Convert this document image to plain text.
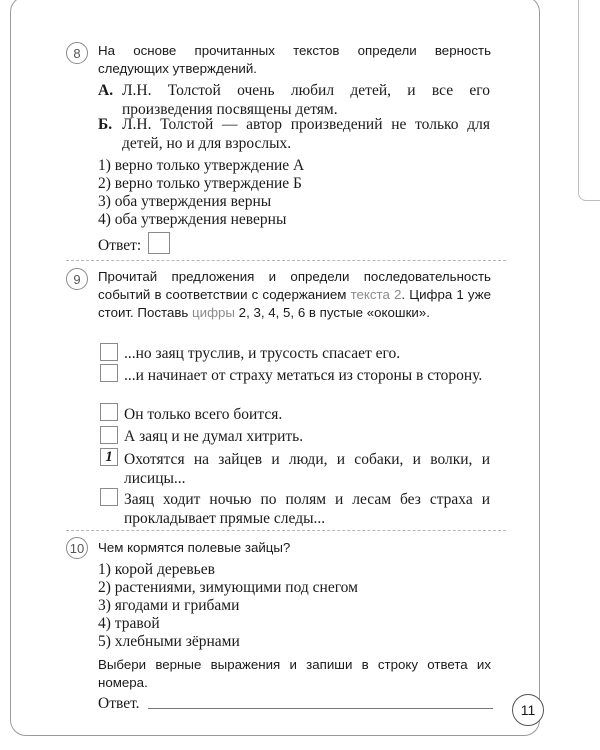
8	На основе прочитанных текстов определи верность следующих утверждений.
А. Л.Н. Толстой очень любил детей, и все его произведения посвящены детям.
Б. Л.Н. Толстой — автор произведений не только для детей, но и для взрослых.
1) верно только утверждение А
2) верно только утверждение Б
3) оба утверждения верны
4) оба утверждения неверны
Ответ:
9	Прочитай предложения и определи последовательность событий в соответствии с содержанием текста 2. Цифра 1 уже стоит. Поставь цифры 2, 3, 4, 5, 6 в пустые «окошки».
...но заяц труслив, и трусость спасает его.
...и начинает от страху метаться из стороны в сторону.
Он только всего боится.
А заяц и не думал хитрить.
1 Охотятся на зайцев и люди, и собаки, и волки, и лисицы...
Заяц ходит ночью по полям и лесам без страха и прокладывает прямые следы...
10 Чем кормятся полевые зайцы?
1) корой деревьев
2) растениями, зимующими под снегом
3) ягодами и грибами
4) травой
5) хлебными зёрнами
Выбери верные выражения и запиши в строку ответа их номера.
Ответ.	11
